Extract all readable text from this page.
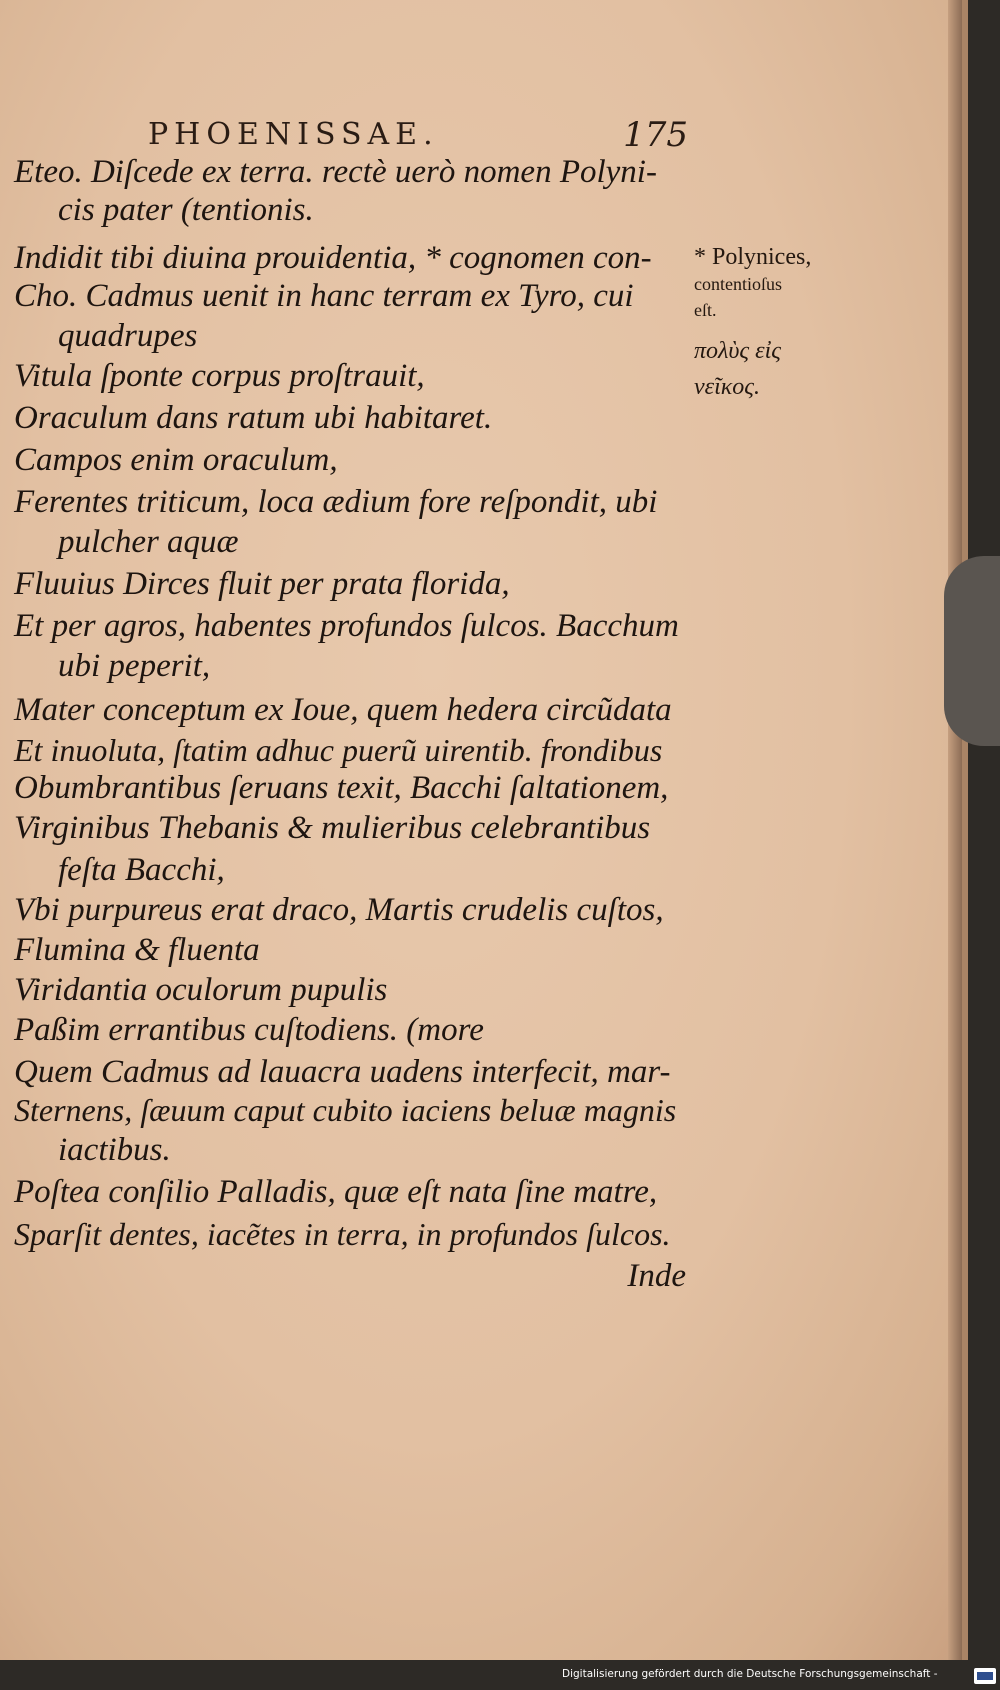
PHOENISSAE.	175
Eteo. Diſcede ex terra. rectè uerò nomen Polyni-
cis pater (tentionis.
Indidit tibi diuina prouidentia, * cognomen con-
Cho. Cadmus uenit in hanc terram ex Tyro, cui
quadrupes
Vitula ſponte corpus proſtrauit,
Oraculum dans ratum ubi habitaret.
Campos enim oraculum,
Ferentes triticum, loca ædium fore reſpondit, ubi
pulcher aquæ
Fluuius Dirces fluit per prata florida,
Et per agros, habentes profundos ſulcos. Bacchum
ubi peperit,
Mater conceptum ex Ioue, quem hedera circũdata
Et inuoluta, ſtatim adhuc puerũ uirentib. frondibus
Obumbrantibus ſeruans texit, Bacchi ſaltationem,
Virginibus Thebanis & mulieribus celebrantibus
feſta Bacchi,
Vbi purpureus erat draco, Martis crudelis cuſtos,
Flumina & fluenta
Viridantia oculorum pupulis
Paßim errantibus cuſtodiens. (more
Quem Cadmus ad lauacra uadens interfecit, mar-
Sternens, ſæuum caput cubito iaciens beluæ magnis
iactibus.
Poſtea conſilio Palladis, quæ eſt nata ſine matre,
Sparſit dentes, iacẽtes in terra, in profundos ſulcos.
Inde
* Polynices,
contentioſus
eſt.
πολὺς εἰς
νεῖκος.
Digitalisierung gefördert durch die Deutsche Forschungsgemeinschaft -
